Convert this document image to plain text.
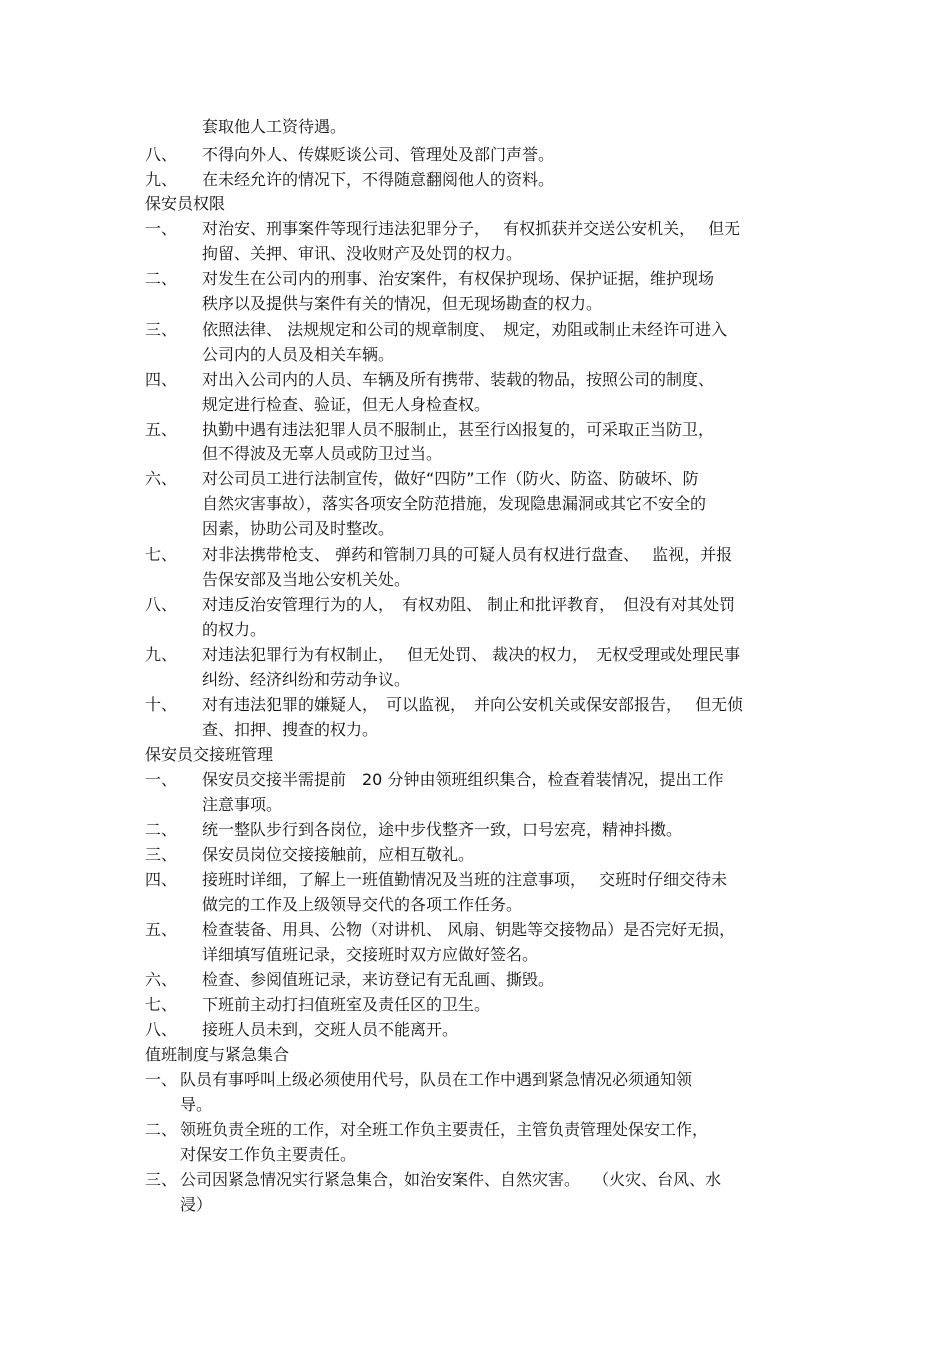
套取他人工资待遇。
八、 不得向外人、传媒贬谈公司、管理处及部门声誉。
九、 在未经允许的情况下，不得随意翻阅他人的资料。
保安员权限
一、 对治安、刑事案件等现行违法犯罪分子，　 有权抓获并交送公安机关，　 但无
拘留、关押、审讯、没收财产及处罚的权力。
二、 对发生在公司内的刑事、治安案件，有权保护现场、保护证据，维护现场
秩序以及提供与案件有关的情况，但无现场勘查的权力。
三、 依照法律、 法规规定和公司的规章制度、　规定，劝阻或制止未经许可进入
公司内的人员及相关车辆。
四、 对出入公司内的人员、车辆及所有携带、装载的物品，按照公司的制度、
规定进行检查、验证，但无人身检查权。
五、 执勤中遇有违法犯罪人员不服制止，甚至行凶报复的，可采取正当防卫，
但不得波及无辜人员或防卫过当。
六、 对公司员工进行法制宣传，做好“四防”工作（防火、防盗、防破坏、防
自然灾害事故），落实各项安全防范措施，发现隐患漏洞或其它不安全的
因素，协助公司及时整改。
七、 对非法携带枪支、 弹药和管制刀具的可疑人员有权进行盘查、　 监视，并报
告保安部及当地公安机关处。
八、 对违反治安管理行为的人，　有权劝阻、 制止和批评教育，　但没有对其处罚
的权力。
九、 对违法犯罪行为有权制止，　 但无处罚、 裁决的权力，　无权受理或处理民事
纠纷、经济纠纷和劳动争议。
十、 对有违法犯罪的嫌疑人，　可以监视，　并向公安机关或保安部报告，　 但无侦
查、扣押、搜查的权力。
保安员交接班管理
一、 保安员交接半需提前　20 分钟由领班组织集合，检查着装情况，提出工作
注意事项。
二、 统一整队步行到各岗位，途中步伐整齐一致，口号宏亮，精神抖擞。
三、 保安员岗位交接接触前，应相互敬礼。
四、 接班时详细，了解上一班值勤情况及当班的注意事项，　 交班时仔细交待未
做完的工作及上级领导交代的各项工作任务。
五、 检查装备、用具、公物（对讲机、 风扇、钥匙等交接物品）是否完好无损，
详细填写值班记录，交接班时双方应做好签名。
六、 检查、参阅值班记录，来访登记有无乱画、撕毁。
七、 下班前主动打扫值班室及责任区的卫生。
八、 接班人员未到，交班人员不能离开。
值班制度与紧急集合
一、 队员有事呼叫上级必须使用代号，队员在工作中遇到紧急情况必须通知领
导。
二、 领班负责全班的工作，对全班工作负主要责任，主管负责管理处保安工作，
对保安工作负主要责任。
三、 公司因紧急情况实行紧急集合，如治安案件、自然灾害。　 （火灾、台风、水
浸）
